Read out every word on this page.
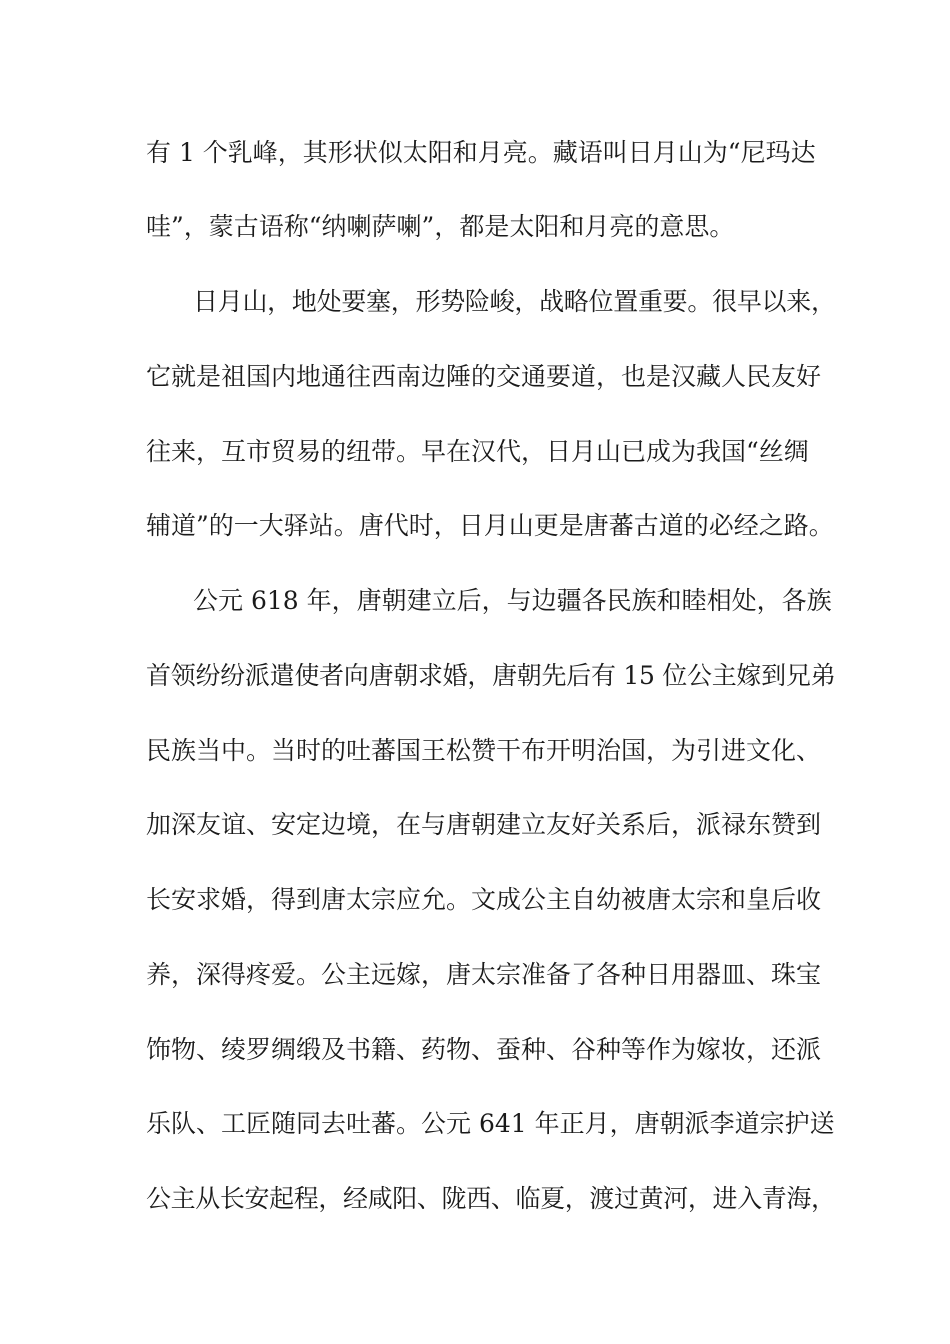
有 1 个乳峰，其形状似太阳和月亮。藏语叫日月山为“尼玛达
哇”，蒙古语称“纳喇萨喇”，都是太阳和月亮的意思。
日月山，地处要塞，形势险峻，战略位置重要。很早以来，
它就是祖国内地通往西南边陲的交通要道，也是汉藏人民友好
往来，互市贸易的纽带。早在汉代，日月山已成为我国“丝绸
辅道”的一大驿站。唐代时，日月山更是唐蕃古道的必经之路。
公元 618 年，唐朝建立后，与边疆各民族和睦相处，各族
首领纷纷派遣使者向唐朝求婚，唐朝先后有 15 位公主嫁到兄弟
民族当中。当时的吐蕃国王松赞干布开明治国，为引进文化、
加深友谊、安定边境，在与唐朝建立友好关系后，派禄东赞到
长安求婚，得到唐太宗应允。文成公主自幼被唐太宗和皇后收
养，深得疼爱。公主远嫁，唐太宗准备了各种日用器皿、珠宝
饰物、绫罗绸缎及书籍、药物、蚕种、谷种等作为嫁妆，还派
乐队、工匠随同去吐蕃。公元 641 年正月，唐朝派李道宗护送
公主从长安起程，经咸阳、陇西、临夏，渡过黄河，进入青海，
